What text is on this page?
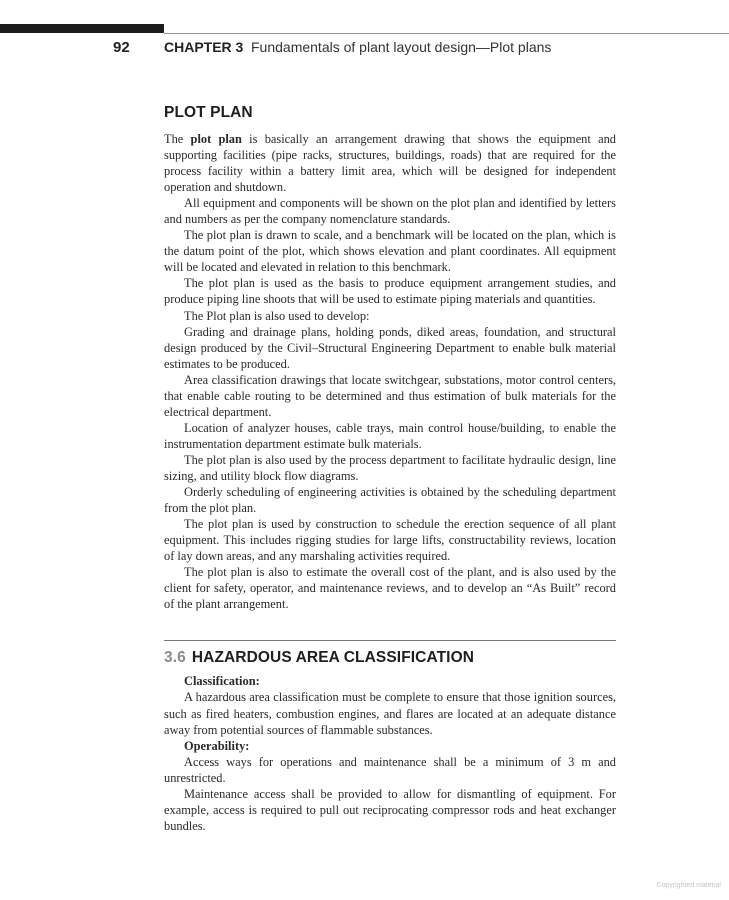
92 CHAPTER 3 Fundamentals of plant layout design—Plot plans
PLOT PLAN

The plot plan is basically an arrangement drawing that shows the equipment and supporting facilities (pipe racks, structures, buildings, roads) that are required for the process facility within a battery limit area, which will be designed for independent operation and shutdown.

All equipment and components will be shown on the plot plan and identified by letters and numbers as per the company nomenclature standards.

The plot plan is drawn to scale, and a benchmark will be located on the plan, which is the datum point of the plot, which shows elevation and plant coordinates. All equipment will be located and elevated in relation to this benchmark.

The plot plan is used as the basis to produce equipment arrangement studies, and produce piping line shoots that will be used to estimate piping materials and quantities.

The Plot plan is also used to develop:

Grading and drainage plans, holding ponds, diked areas, foundation, and structural design produced by the Civil–Structural Engineering Department to enable bulk material estimates to be produced.

Area classification drawings that locate switchgear, substations, motor control centers, that enable cable routing to be determined and thus estimation of bulk materials for the electrical department.

Location of analyzer houses, cable trays, main control house/building, to enable the instrumentation department estimate bulk materials.

The plot plan is also used by the process department to facilitate hydraulic design, line sizing, and utility block flow diagrams.

Orderly scheduling of engineering activities is obtained by the scheduling department from the plot plan.

The plot plan is used by construction to schedule the erection sequence of all plant equipment. This includes rigging studies for large lifts, constructability reviews, location of lay down areas, and any marshaling activities required.

The plot plan is also to estimate the overall cost of the plant, and is also used by the client for safety, operator, and maintenance reviews, and to develop an “As Built” record of the plant arrangement.

3.6 HAZARDOUS AREA CLASSIFICATION
Classification:

A hazardous area classification must be complete to ensure that those ignition sources, such as fired heaters, combustion engines, and flares are located at an adequate distance away from potential sources of flammable substances.

Operability:

Access ways for operations and maintenance shall be a minimum of 3 m and unrestricted.

Maintenance access shall be provided to allow for dismantling of equipment. For example, access is required to pull out reciprocating compressor rods and heat exchanger bundles.

Copyrighted material
